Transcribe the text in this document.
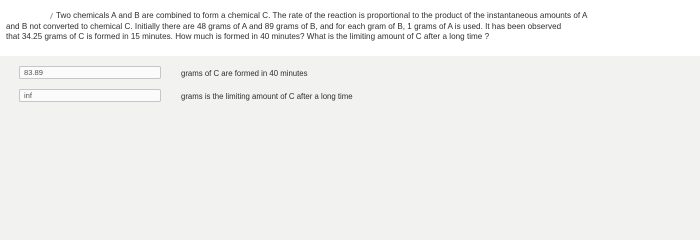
Two chemicals A and B are combined to form a chemical C. The rate of the reaction is proportional to the product of the instantaneous amounts of A
and B not converted to chemical C. Initially there are 48 grams of A and 89 grams of B, and for each gram of B, 1 grams of A is used. It has been observed
that 34.25 grams of C is formed in 15 minutes. How much is formed in 40 minutes? What is the limiting amount of C after a long time ?
83.89
grams of C are formed in 40 minutes
inf
grams is the limiting amount of C after a long time
